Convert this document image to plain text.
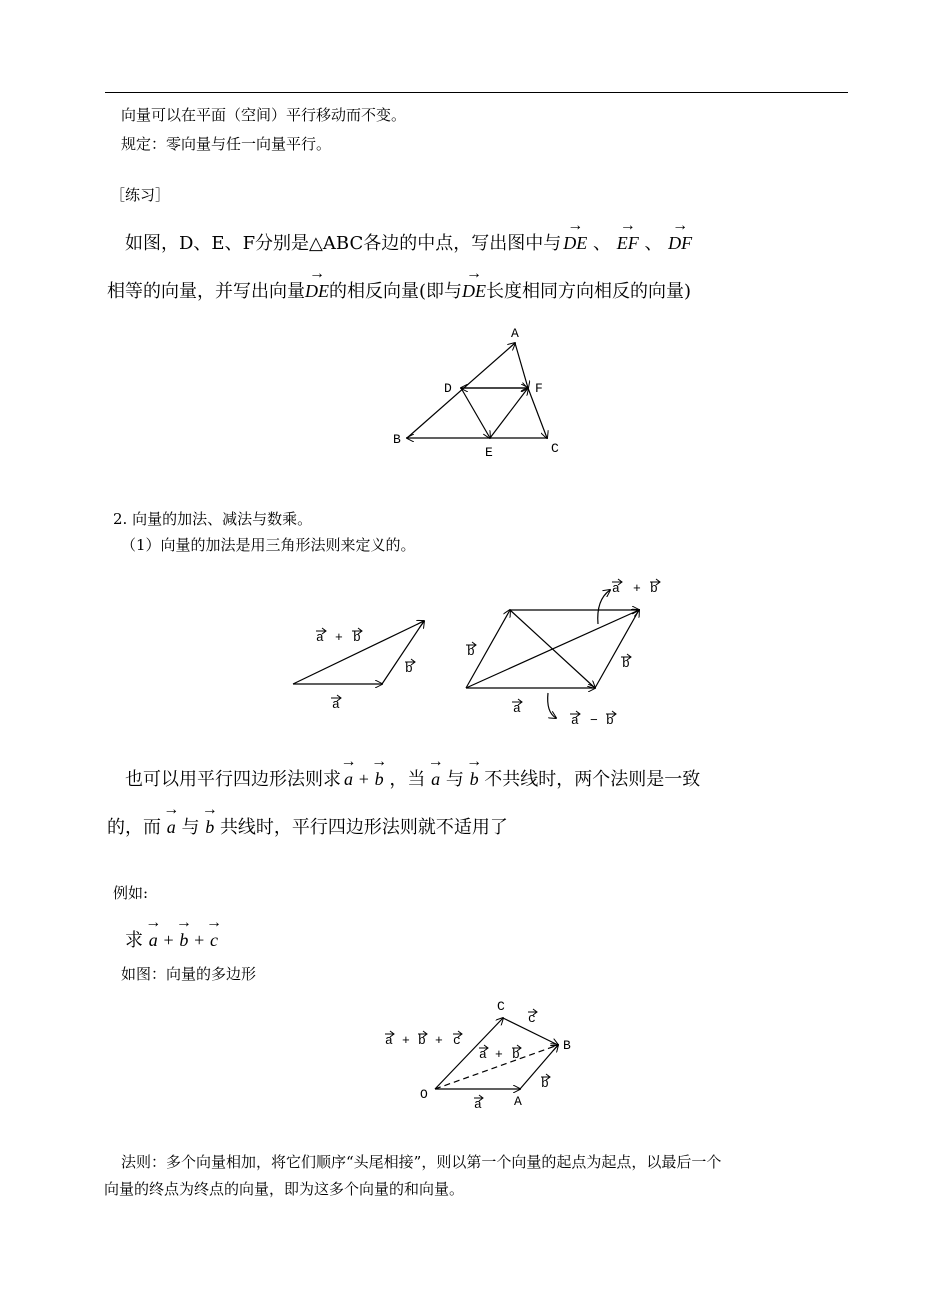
向量可以在平面（空间）平行移动而不变。
规定：零向量与任一向量平行。
［练习］
如图，D、E、F分别是△ABC各边的中点，写出图中与 → DE 、 → EF 、 → DF
相等的向量，并写出向量→ DE的相反向量(即与→ DE长度相同方向相反的向量)
A
B
C
D
E
F
2. 向量的加法、减法与数乘。
（1）向量的加法是用三角形法则来定义的。
a + b
b
a
a + b
b
b
a
a − b
也可以用平行四边形法则求 → a + → b ，当 → a 与 → b 不共线时，两个法则是一致
的，而 → a 与 → b 共线时，平行四边形法则就不适用了
例如:
求 → a + → b + → c
如图：向量的多边形
O	A
B
C
a + b + c
a + b
c
b
a
法则：多个向量相加，将它们顺序“头尾相接”，则以第一个向量的起点为起点，以最后一个
向量的终点为终点的向量，即为这多个向量的和向量。
